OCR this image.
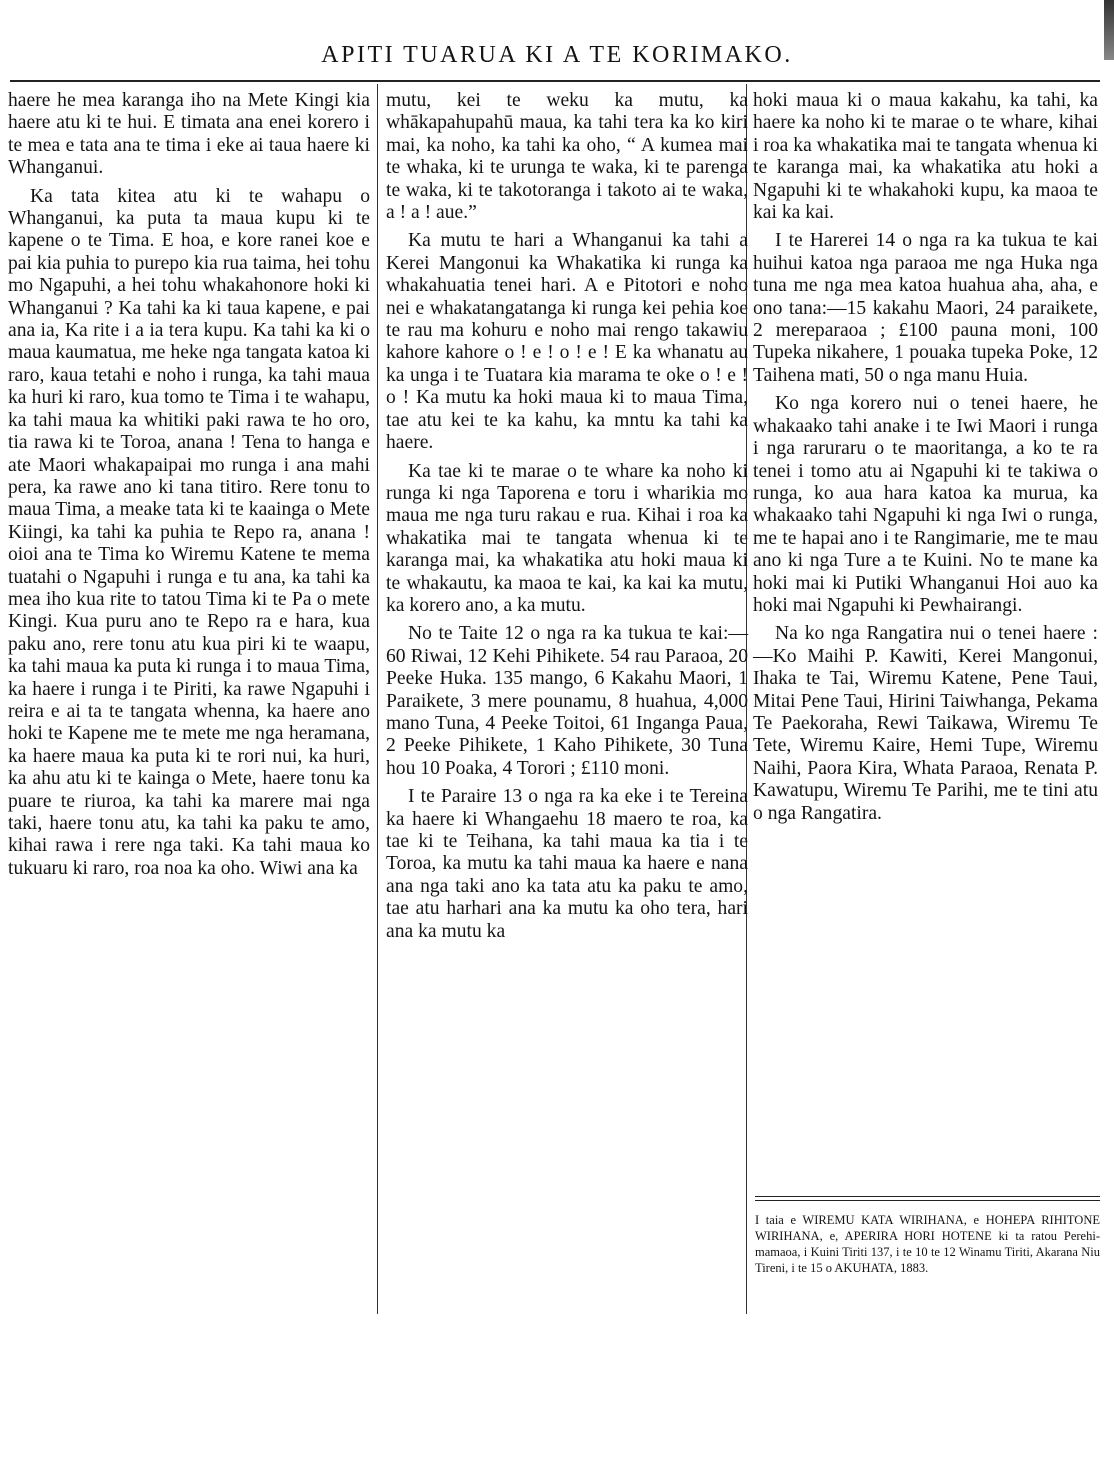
APITI TUARUA KI A TE KORIMAKO.

haere he mea karanga iho na Mete Kingi kia haere atu ki te hui. E timata ana enei korero i te mea e tata ana te tima i eke ai taua haere ki Whanganui.

Ka tata kitea atu ki te wahapu o Whanganui, ka puta ta maua kupu ki te kapene o te Tima. E hoa, e kore ranei koe e pai kia puhia to purepo kia rua taima, hei tohu mo Ngapuhi, a hei tohu whakahonore hoki ki Whanganui ? Ka tahi ka ki taua kapene, e pai ana ia, Ka rite i a ia tera kupu. Ka tahi ka ki o maua kaumatua, me heke nga tangata katoa ki raro, kaua tetahi e noho i runga, ka tahi maua ka huri ki raro, kua tomo te Tima i te wahapu, ka tahi maua ka whitiki paki rawa te ho oro, tia rawa ki te Toroa, anana ! Tena to hanga e ate Maori whakapaipai mo runga i ana mahi pera, ka rawe ano ki tana titiro. Rere tonu to maua Tima, a meake tata ki te kaainga o Mete Kiingi, ka tahi ka puhia te Repo ra, anana ! oioi ana te Tima ko Wiremu Katene te mema tuatahi o Ngapuhi i runga e tu ana, ka tahi ka mea iho kua rite to tatou Tima ki te Pa o mete Kingi. Kua puru ano te Repo ra e hara, kua paku ano, rere tonu atu kua piri ki te waapu, ka tahi maua ka puta ki runga i to maua Tima, ka haere i runga i te Piriti, ka rawe Ngapuhi i reira e ai ta te tangata whenna, ka haere ano hoki te Kapene me te mete me nga heramana, ka haere maua ka puta ki te rori nui, ka huri, ka ahu atu ki te kainga o Mete, haere tonu ka puare te riuroa, ka tahi ka marere mai nga taki, haere tonu atu, ka tahi ka paku te amo, kihai rawa i rere nga taki. Ka tahi maua ko tukuaru ki raro, roa noa ka oho. Wiwi ana ka

mutu, kei te weku ka mutu, ka whākapahupahū maua, ka tahi tera ka ko kiri mai, ka noho, ka tahi ka oho, “ A kumea mai te whaka, ki te urunga te waka, ki te parenga te waka, ki te takotoranga i takoto ai te waka, a ! a ! aue.”

Ka mutu te hari a Whanganui ka tahi a Kerei Mangonui ka Whakatika ki runga ka whakahuatia tenei hari. A e Pitotori e noho nei e whakatangatanga ki runga kei pehia koe te rau ma kohuru e noho mai rengo takawiu kahore kahore o ! e ! o ! e ! E ka whanatu au ka unga i te Tuatara kia marama te oke o ! e ! o ! Ka mutu ka hoki maua ki to maua Tima, tae atu kei te ka kahu, ka mntu ka tahi ka haere.

Ka tae ki te marae o te whare ka noho ki runga ki nga Taporena e toru i wharikia mo maua me nga turu rakau e rua. Kihai i roa ka whakatika mai te tangata whenua ki te karanga mai, ka whakatika atu hoki maua ki te whakautu, ka maoa te kai, ka kai ka mutu, ka korero ano, a ka mutu.

No te Taite 12 o nga ra ka tukua te kai:—60 Riwai, 12 Kehi Pihikete. 54 rau Paraoa, 20 Peeke Huka. 135 mango, 6 Kakahu Maori, 1 Paraikete, 3 mere pounamu, 8 huahua, 4,000 mano Tuna, 4 Peeke Toitoi, 61 Inganga Paua, 2 Peeke Pihikete, 1 Kaho Pihikete, 30 Tuna hou 10 Poaka, 4 Torori ; £110 moni.

I te Paraire 13 o nga ra ka eke i te Tereina ka haere ki Whangaehu 18 maero te roa, ka tae ki te Teihana, ka tahi maua ka tia i te Toroa, ka mutu ka tahi maua ka haere e nana ana nga taki ano ka tata atu ka paku te amo, tae atu harhari ana ka mutu ka oho tera, hari ana ka mutu ka

hoki maua ki o maua kakahu, ka tahi, ka haere ka noho ki te marae o te whare, kihai i roa ka whakatika mai te tangata whenua ki te karanga mai, ka whakatika atu hoki a Ngapuhi ki te whakahoki kupu, ka maoa te kai ka kai.

I te Harerei 14 o nga ra ka tukua te kai huihui katoa nga paraoa me nga Huka nga tuna me nga mea katoa huahua aha, aha, e ono tana:—15 kakahu Maori, 24 paraikete, 2 mereparaoa ; £100 pauna moni, 100 Tupeka nikahere, 1 pouaka tupeka Poke, 12 Taihena mati, 50 o nga manu Huia.

Ko nga korero nui o tenei haere, he whakaako tahi anake i te Iwi Maori i runga i nga raruraru o te maoritanga, a ko te ra tenei i tomo atu ai Ngapuhi ki te takiwa o runga, ko aua hara katoa ka murua, ka whakaako tahi Ngapuhi ki nga Iwi o runga, me te hapai ano i te Rangimarie, me te mau ano ki nga Ture a te Kuini. No te mane ka hoki mai ki Putiki Whanganui Hoi auo ka hoki mai Ngapuhi ki Pewhairangi.

Na ko nga Rangatira nui o tenei haere :—Ko Maihi P. Kawiti, Kerei Mangonui, Ihaka te Tai, Wiremu Katene, Pene Taui, Mitai Pene Taui, Hirini Taiwhanga, Pekama Te Paekoraha, Rewi Taikawa, Wiremu Te Tete, Wiremu Kaire, Hemi Tupe, Wiremu Naihi, Paora Kira, Whata Paraoa, Renata P. Kawatupu, Wiremu Te Parihi, me te tini atu o nga Rangatira.

I taia e WIREMU KATA WIRIHANA, e HOHEPA RIHITONE WIRIHANA, e, APERIRA HORI HOTENE ki ta ratou Perehi-mamaoa, i Kuini Tiriti 137, i te 10 te 12 Winamu Tiriti, Akarana Niu Tireni, i te 15 o AKUHATA, 1883.
